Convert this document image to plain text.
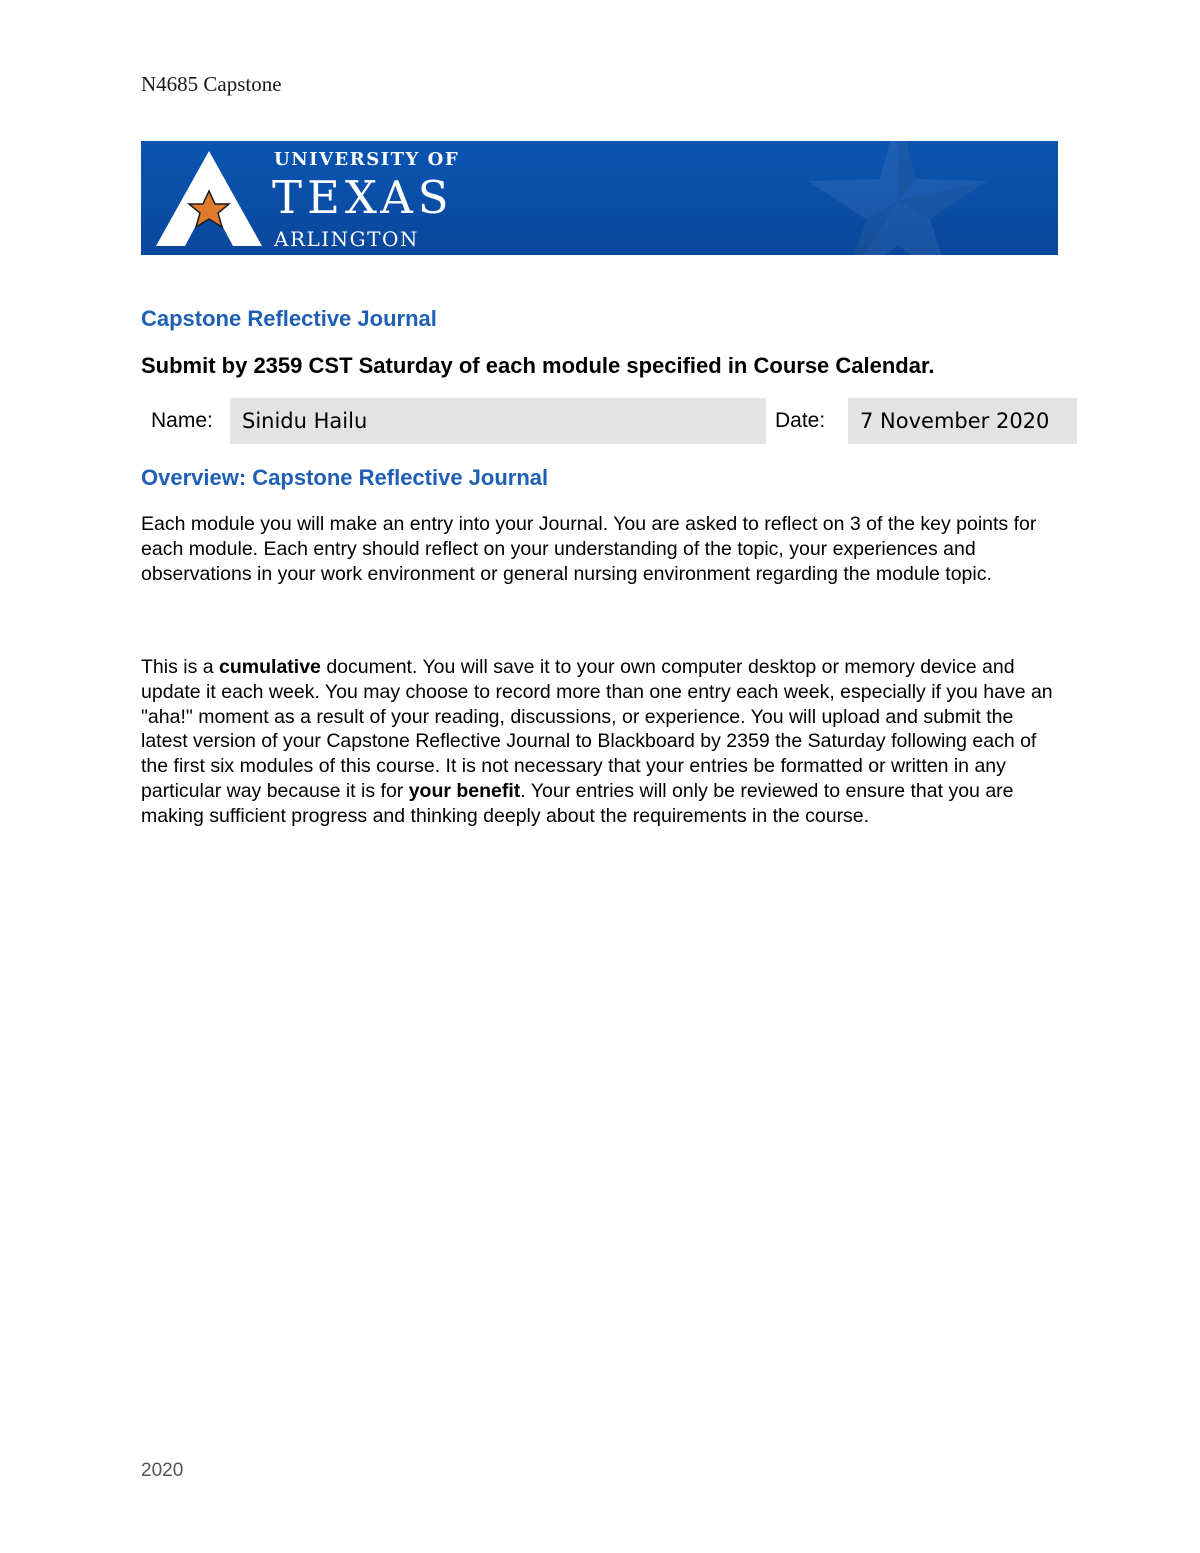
N4685 Capstone
UNIVERSITY OF
TEXAS
ARLINGTON
Capstone Reflective Journal
Submit by 2359 CST Saturday of each module specified in Course Calendar.
Name:	Sinidu Hailu	Date:	7 November 2020
Overview: Capstone Reflective Journal

Each module you will make an entry into your Journal. You are asked to reflect on 3 of the key points for each module. Each entry should reflect on your understanding of the topic, your experiences and observations in your work environment or general nursing environment regarding the module topic.

This is a cumulative document. You will save it to your own computer desktop or memory device and update it each week. You may choose to record more than one entry each week, especially if you have an "aha!" moment as a result of your reading, discussions, or experience. You will upload and submit the latest version of your Capstone Reflective Journal to Blackboard by 2359 the Saturday following each of the first six modules of this course. It is not necessary that your entries be formatted or written in any particular way because it is for your benefit. Your entries will only be reviewed to ensure that you are making sufficient progress and thinking deeply about the requirements in the course.

2020
